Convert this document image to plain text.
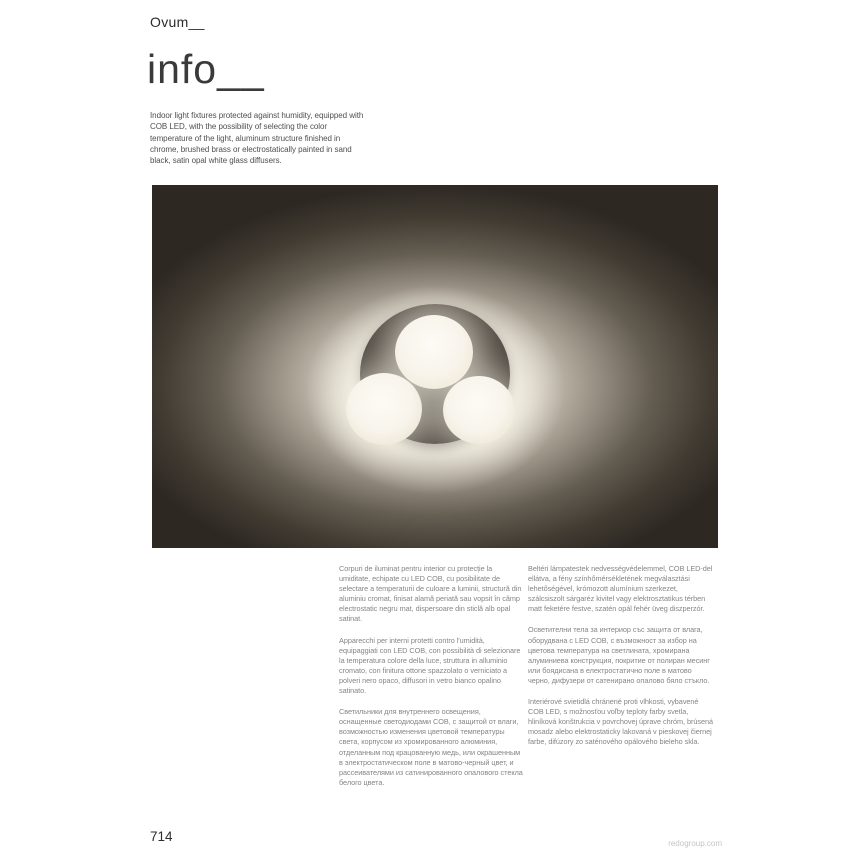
Ovum__
info__

Indoor light fixtures protected against humidity, equipped with COB LED, with the possibility of selecting the color temperature of the light, aluminum structure finished in chrome, brushed brass or electrostatically painted in sand black, satin opal white glass diffusers.

Corpuri de iluminat pentru interior cu protecție la umiditate, echipate cu LED COB, cu posibilitate de selectare a temperaturii de culoare a luminii, structură din aluminiu cromat, finisat alamă periată sau vopsit în câmp electrostatic negru mat, dispersoare din sticlă alb opal satinat.

Apparecchi per interni protetti contro l'umidità, equipaggiati con LED COB, con possibilità di selezionare la temperatura colore della luce, struttura in alluminio cromato, con finitura ottone spazzolato o verniciato a polveri nero opaco, diffusori in vetro bianco opalino satinato.

Светильники для внутреннего освещения, оснащенные светодиодами COB, с защитой от влаги, возможностью изменения цветовой температуры света, корпусом из хромированного алюминия, отделанным под крацованную медь, или окрашенным в электростатическом поле в матово-черный цвет, и рассеивателями из сатинированного опалового стекла белого цвета.

Beltéri lámpatestek nedvességvédelemmel, COB LED-del ellátva, a fény színhőmérsékletének megválasztási lehetőségével, krómozott alumínium szerkezet, szálcsiszolt sárgaréz kivitel vagy elektrosztatikus térben matt feketére festve, szatén opál fehér üveg diszperzór.

Осветителни тела за интериор със защита от влага, оборудвана с LED COB, с възможност за избор на цветова температура на светлината, хромирана алуминиева конструкция, покритие от полиран месинг или боядисана в електростатично поле в матово черно, дифузери от сатенирано опалово бяло стъкло.

Interiérové svietidlá chránené proti vlhkosti, vybavené COB LED, s možnosťou voľby teploty farby svetla, hliníková konštrukcia v povrchovej úprave chróm, brúsená mosadz alebo elektrostaticky lakovaná v pieskovej čiernej farbe, difúzory zo saténového opálového bieleho skla.

714	redogroup.com
